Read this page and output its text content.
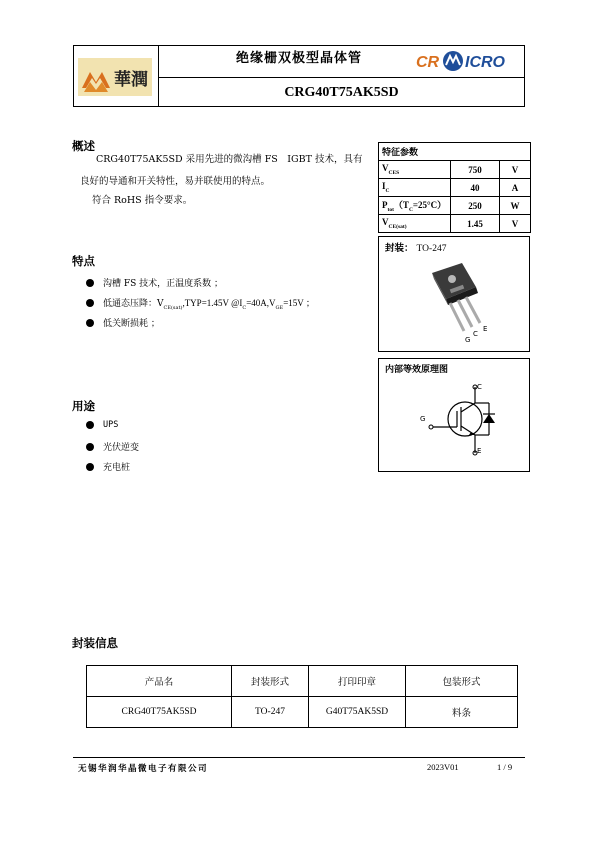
華潤
绝缘栅双极型晶体管	CR ICRO
CRG40T75AK5SD
概述
CRG40T75AK5SD 采用先进的微沟槽 FS　IGBT 技术，具有
良好的导通和开关特性，易并联使用的特点。
符合 RoHS 指令要求。
特征参数		
$V_{CES}$	750	V
$I_C$	40	A
$P_{tot}(T_C=25^\circ C)$	250	W
$V_{CE(sat)}$	1.45	V
封装： TO-247
G
C
E
内部等效原理图
C
G
E
特点
沟槽 FS 技术，正温度系数 ；
低通态压降：$V_{CE(sat)},TYP=1.45V$ $@I_C=40A,V_{GE}=15V$ ；
低关断损耗 ；
用途
UPS
光伏逆变
充电桩
封装信息
产品名	封装形式	打印印章	包装形式
CRG40T75AK5SD	TO-247	G40T75AK5SD	料条
无锡华润华晶微电子有限公司	2023V01	1 / 9
